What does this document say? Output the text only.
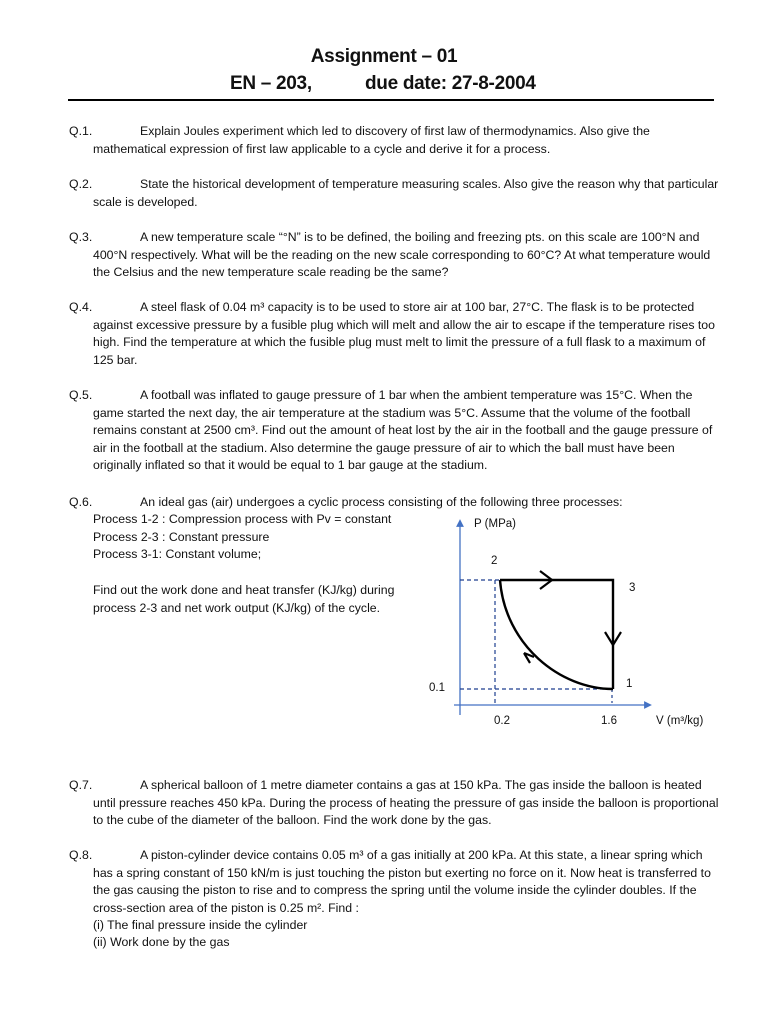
Assignment – 01
EN – 203,	due date: 27-8-2004
Q.1.	Explain Joules experiment which led to discovery of first law of thermodynamics. Also give the mathematical expression of first law applicable to a cycle and derive it for a process.
Q.2.	State the historical development of temperature measuring scales. Also give the reason why that particular scale is developed.
Q.3.	A new temperature scale “°N” is to be defined, the boiling and freezing pts. on this scale are 100°N and 400°N respectively. What will be the reading on the new scale corresponding to 60°C? At what temperature would the Celsius and the new temperature scale reading be the same?
Q.4.	A steel flask of 0.04 m³ capacity is to be used to store air at 100 bar, 27°C. The flask is to be protected against excessive pressure by a fusible plug which will melt and allow the air to escape if the temperature rises too high. Find the temperature at which the fusible plug must melt to limit the pressure of a full flask to a maximum of 125 bar.
Q.5.	A football was inflated to gauge pressure of 1 bar when the ambient temperature was 15°C. When the game started the next day, the air temperature at the stadium was 5°C. Assume that the volume of the football remains constant at 2500 cm³. Find out the amount of heat lost by the air in the football and the gauge pressure of air in the football at the stadium. Also determine the gauge pressure of air to which the ball must have been originally inflated so that it would be equal to 1 bar gauge at the stadium.
Q.6.	An ideal gas (air) undergoes a cyclic process consisting of the following three processes:
Process 1-2 : Compression process with Pv = constant
Process 2-3 : Constant pressure
Process 3-1: Constant volume;
Find out the work done and heat transfer (KJ/kg) during process 2-3 and net work output (KJ/kg) of the cycle.
P (MPa)
V (m³/kg)
2
3
1
0.1
0.2	1.6
Q.7.	A spherical balloon of 1 metre diameter contains a gas at 150 kPa. The gas inside the balloon is heated until pressure reaches 450 kPa. During the process of heating the pressure of gas inside the balloon is proportional to the cube of the diameter of the balloon. Find the work done by the gas.
Q.8.	A piston-cylinder device contains 0.05 m³ of a gas initially at 200 kPa. At this state, a linear spring which has a spring constant of 150 kN/m is just touching the piston but exerting no force on it. Now heat is transferred to the gas causing the piston to rise and to compress the spring until the volume inside the cylinder doubles. If the cross-section area of the piston is 0.25 m². Find :
(i) The final pressure inside the cylinder
(ii) Work done by the gas
